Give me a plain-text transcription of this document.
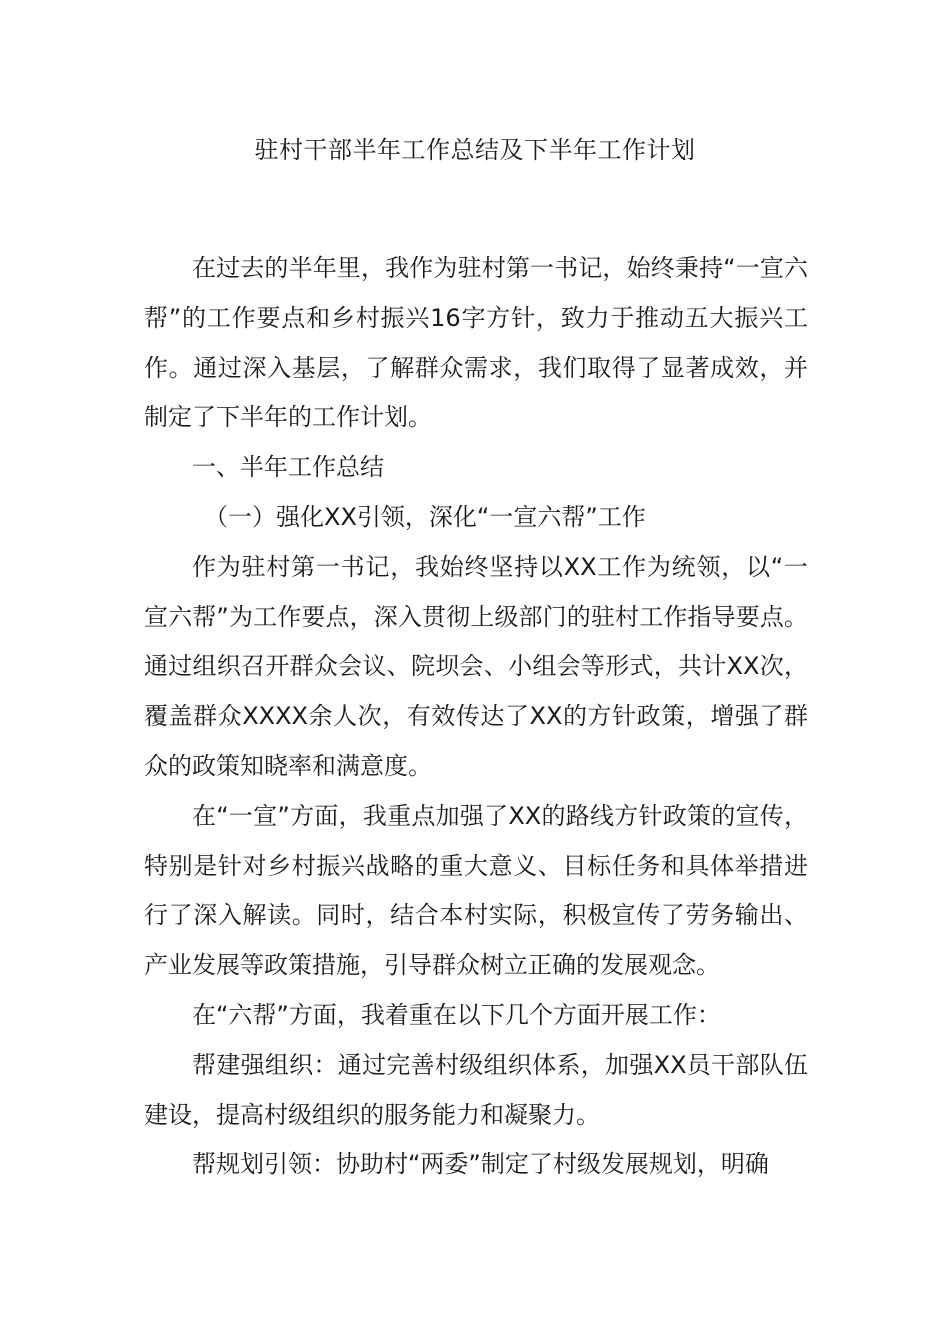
驻村干部半年工作总结及下半年工作计划

在过去的半年里，我作为驻村第一书记，始终秉持“一宣六帮”的工作要点和乡村振兴16字方针，致力于推动五大振兴工作。通过深入基层，了解群众需求，我们取得了显著成效，并制定了下半年的工作计划。

一、半年工作总结

（一）强化XX引领，深化“一宣六帮”工作

作为驻村第一书记，我始终坚持以XX工作为统领，以“一宣六帮”为工作要点，深入贯彻上级部门的驻村工作指导要点。通过组织召开群众会议、院坝会、小组会等形式，共计XX次，覆盖群众XXXX余人次，有效传达了XX的方针政策，增强了群众的政策知晓率和满意度。

在“一宣”方面，我重点加强了XX的路线方针政策的宣传，特别是针对乡村振兴战略的重大意义、目标任务和具体举措进行了深入解读。同时，结合本村实际，积极宣传了劳务输出、产业发展等政策措施，引导群众树立正确的发展观念。

在“六帮”方面，我着重在以下几个方面开展工作：

帮建强组织：通过完善村级组织体系，加强XX员干部队伍建设，提高村级组织的服务能力和凝聚力。

帮规划引领：协助村“两委”制定了村级发展规划，明确
